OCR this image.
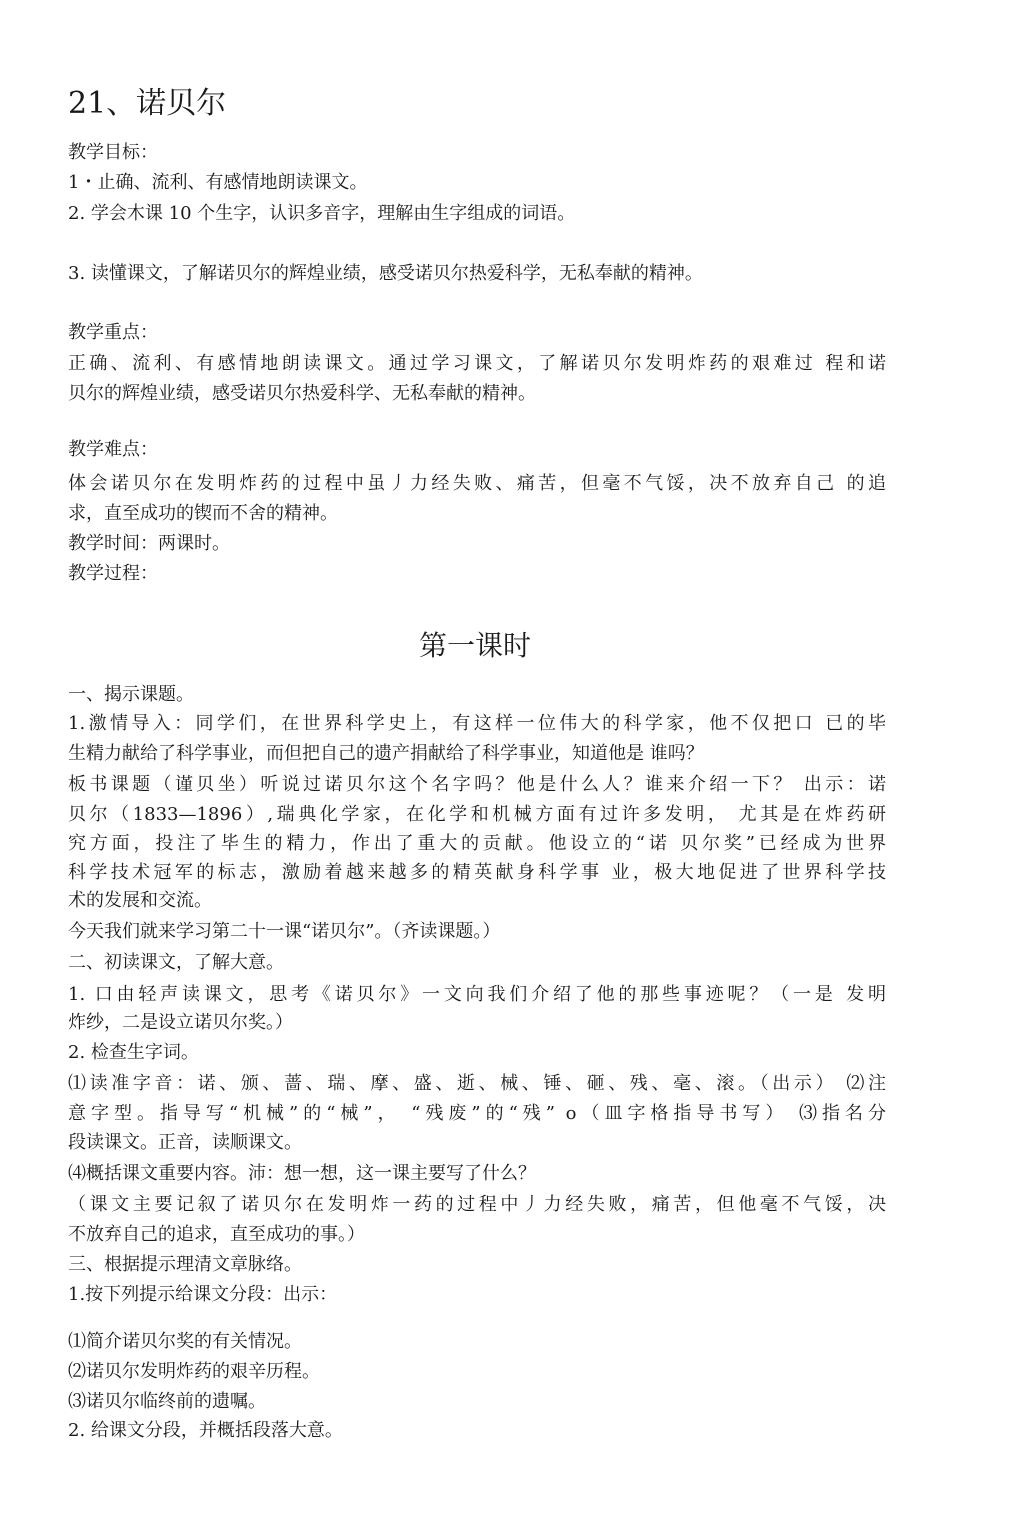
21、诺贝尔

教学目标：

1・止确、流利、有感情地朗读课文。

2. 学会木课 10 个生字，认识多音字，理解由生字组成的词语。

3. 读懂课文，了解诺贝尔的辉煌业绩，感受诺贝尔热爱科学，无私奉献的精神。

教学重点：

正确、流利、有感情地朗读课文。通过学习课文，了解诺贝尔发明炸药的艰难过 程和诺

贝尔的辉煌业绩，感受诺贝尔热爱科学、无私奉献的精神。

教学难点：

体会诺贝尔在发明炸药的过程中虽丿力经失败、痛苦，但毫不气馁，决不放弃自己 的追

求，直至成功的锲而不舍的精神。

教学时间：两课时。

教学过程：

第一课时

一、揭示课题。

1.激情导入：同学们，在世界科学史上，有这样一位伟大的科学家，他不仅把口 已的毕

生精力献给了科学事业，而但把自己的遗产捐献给了科学事业，知道他是 谁吗？

板书课题（谨贝坐）听说过诺贝尔这个名字吗？他是什么人？谁来介绍一下？ 出示：诺

贝尔（1833—1896）,瑞典化学家，在化学和机械方面有过许多发明， 尤其是在炸药研

究方面，投注了毕生的精力，作出了重大的贡献。他设立的“诺 贝尔奖”已经成为世界

科学技术冠军的标志，激励着越来越多的精英献身科学事 业，极大地促进了世界科学技

术的发展和交流。

今天我们就来学习第二十一课“诺贝尔”。（齐读课题。）

二、初读课文，了解大意。

1. 口由轻声读课文，思考《诺贝尔》一文向我们介绍了他的那些事迹呢？（一是 发明

炸纱，二是设立诺贝尔奖。）

2. 检查生字词。

⑴读准字音：诺、颁、蔷、瑞、摩、盛、逝、械、锤、砸、残、毫、滚。（出示） ⑵注

意字型。指导写“机械”的“械”， “残废”的“残” o（皿字格指导书写） ⑶指名分

段读课文。正音，读顺课文。

⑷概括课文重要内容。沛：想一想，这一课主要写了什么？

（课文主要记叙了诺贝尔在发明炸一药的过程中丿力经失败，痛苦，但他毫不气馁，决

不放弃自己的追求，直至成功的事。）

三、根据提示理清文章脉络。

1.按下列提示给课文分段：出示：

⑴简介诺贝尔奖的有关情况。

⑵诺贝尔发明炸药的艰辛历程。

⑶诺贝尔临终前的遗嘱。

2. 给课文分段，并概括段落大意。
